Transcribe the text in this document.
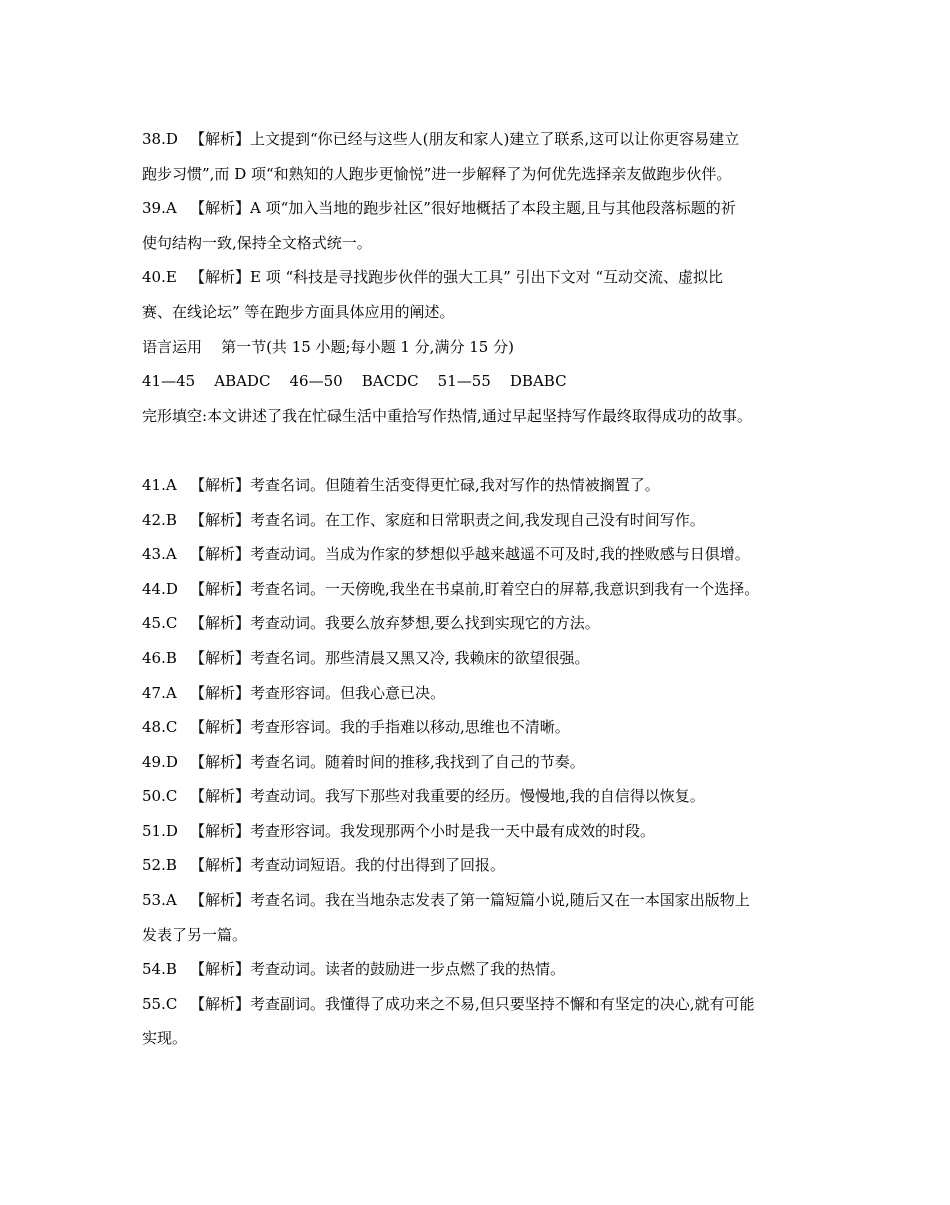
38.D 【解析】上文提到“你已经与这些人(朋友和家人)建立了联系,这可以让你更容易建立
跑步习惯”,而 D 项“和熟知的人跑步更愉悦”进一步解释了为何优先选择亲友做跑步伙伴。
39.A 【解析】A 项“加入当地的跑步社区”很好地概括了本段主题,且与其他段落标题的祈
使句结构一致,保持全文格式统一。
40.E 【解析】E 项 “科技是寻找跑步伙伴的强大工具” 引出下文对 “互动交流、虚拟比
赛、在线论坛” 等在跑步方面具体应用的阐述。
语言运用    第一节(共 15 小题;每小题 1 分,满分 15 分)
41—45    ABADC    46—50    BACDC    51—55    DBABC
完形填空:本文讲述了我在忙碌生活中重拾写作热情,通过早起坚持写作最终取得成功的故事。
41.A 【解析】考查名词。但随着生活变得更忙碌,我对写作的热情被搁置了。
42.B 【解析】考查名词。在工作、家庭和日常职责之间,我发现自己没有时间写作。
43.A 【解析】考查动词。当成为作家的梦想似乎越来越遥不可及时,我的挫败感与日俱增。
44.D 【解析】考查名词。一天傍晚,我坐在书桌前,盯着空白的屏幕,我意识到我有一个选择。
45.C 【解析】考查动词。我要么放弃梦想,要么找到实现它的方法。
46.B 【解析】考查名词。那些清晨又黑又冷, 我赖床的欲望很强。
47.A 【解析】考查形容词。但我心意已决。
48.C 【解析】考查形容词。我的手指难以移动,思维也不清晰。
49.D 【解析】考查名词。随着时间的推移,我找到了自己的节奏。
50.C 【解析】考查动词。我写下那些对我重要的经历。慢慢地,我的自信得以恢复。
51.D 【解析】考查形容词。我发现那两个小时是我一天中最有成效的时段。
52.B 【解析】考查动词短语。我的付出得到了回报。
53.A 【解析】考查名词。我在当地杂志发表了第一篇短篇小说,随后又在一本国家出版物上
发表了另一篇。
54.B 【解析】考查动词。读者的鼓励进一步点燃了我的热情。
55.C 【解析】考查副词。我懂得了成功来之不易,但只要坚持不懈和有坚定的决心,就有可能
实现。
